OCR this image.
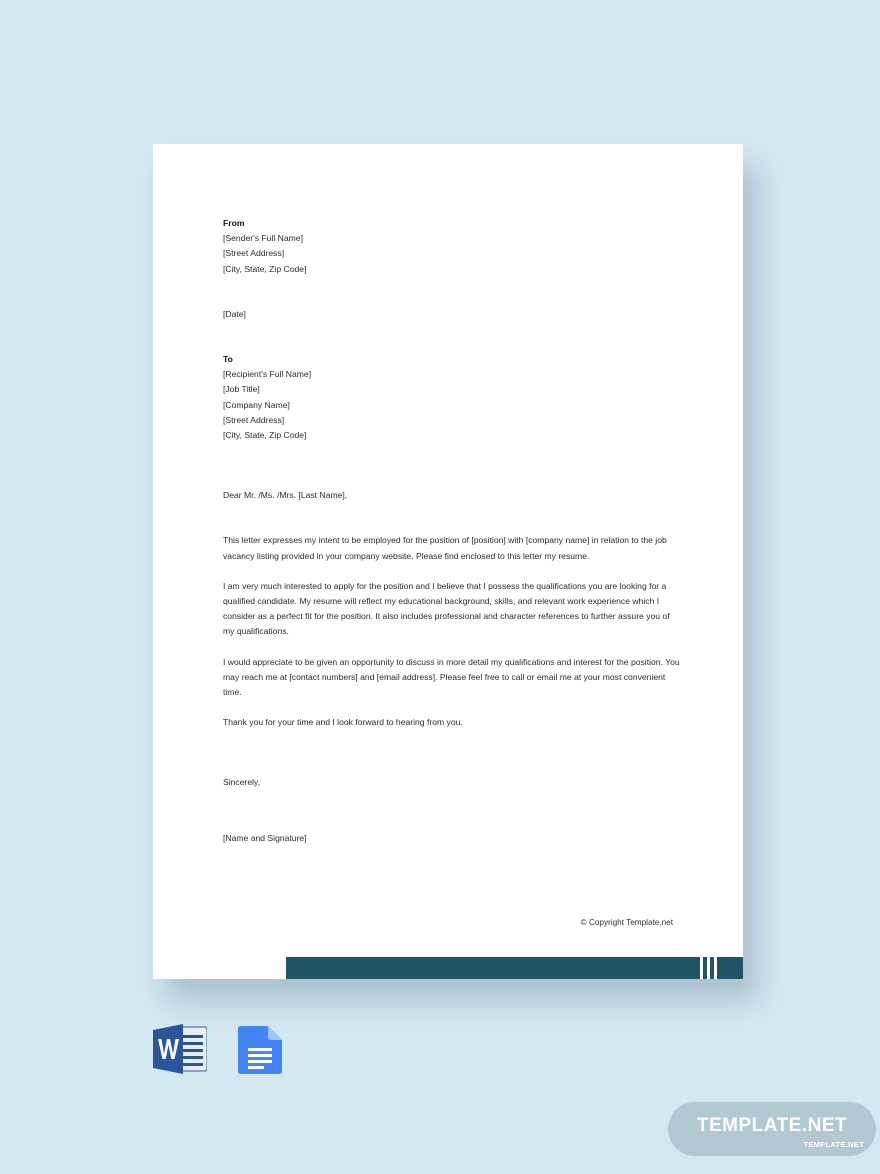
From
[Sender's Full Name]
[Street Address]
[City, State, Zip Code]
[Date]
To
[Recipient's Full Name]
[Job Title]
[Company Name]
[Street Address]
[City, State, Zip Code]
Dear Mr. /Ms. /Mrs. [Last Name],

This letter expresses my intent to be employed for the position of [position] with [company name] in relation to the job vacancy listing provided in your company website. Please find enclosed to this letter my resume.

I am very much interested to apply for the position and I believe that I possess the qualifications you are looking for a qualified candidate. My resume will reflect my educational background, skills, and relevant work experience which I consider as a perfect fit for the position. It also includes professional and character references to further assure you of my qualifications.

I would appreciate to be given an opportunity to discuss in more detail my qualifications and interest for the position. You may reach me at [contact numbers] and [email address]. Please feel free to call or email me at your most convenient time.

Thank you for your time and I look forward to hearing from you.

Sincerely,
[Name and Signature]
© Copyright Template.net
TEMPLATE.NET
TEMPLATE.NET
